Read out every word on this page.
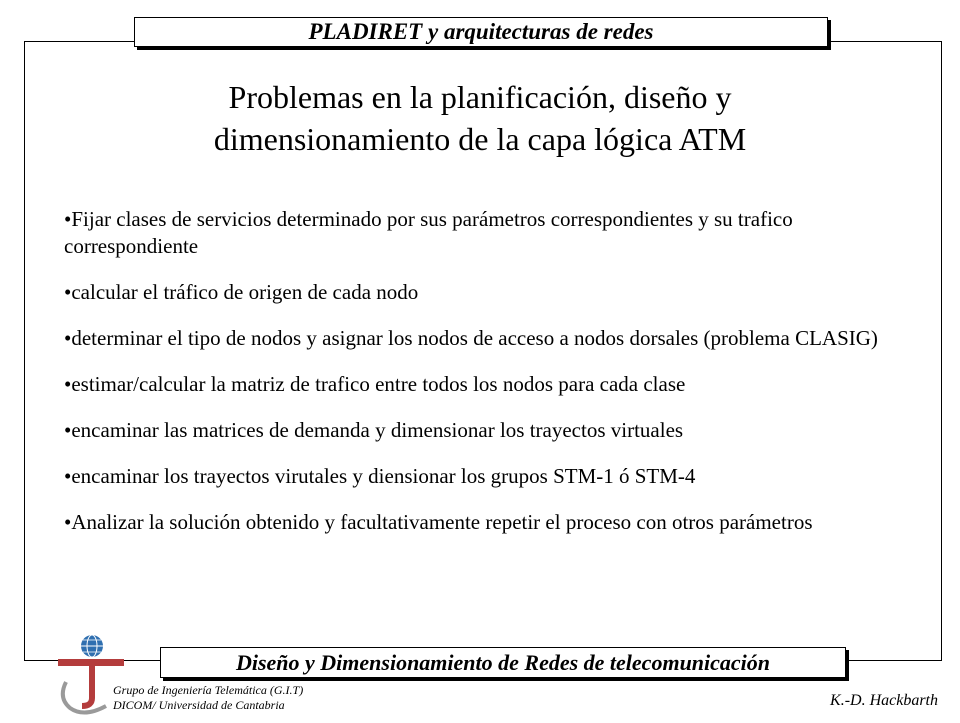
PLADIRET y arquitecturas de redes
Problemas en la planificación, diseño y
dimensionamiento de la capa lógica ATM
• Fijar clases de servicios determinado por sus parámetros correspondientes y su trafico correspondiente
• calcular el tráfico de origen de cada nodo
• determinar el tipo de nodos y asignar los nodos de acceso a nodos dorsales (problema CLASIG)
• estimar/calcular la matriz de trafico entre todos los nodos para cada clase
• encaminar las matrices de demanda y dimensionar los trayectos virtuales
• encaminar los trayectos virutales y diensionar los grupos STM-1 ó STM-4
• Analizar la solución obtenido y facultativamente repetir el proceso con otros parámetros
Diseño y Dimensionamiento de Redes de telecomunicación
Grupo de Ingeniería Telemática (G.I.T)
DICOM/ Universidad de Cantabria	K.-D. Hackbarth
